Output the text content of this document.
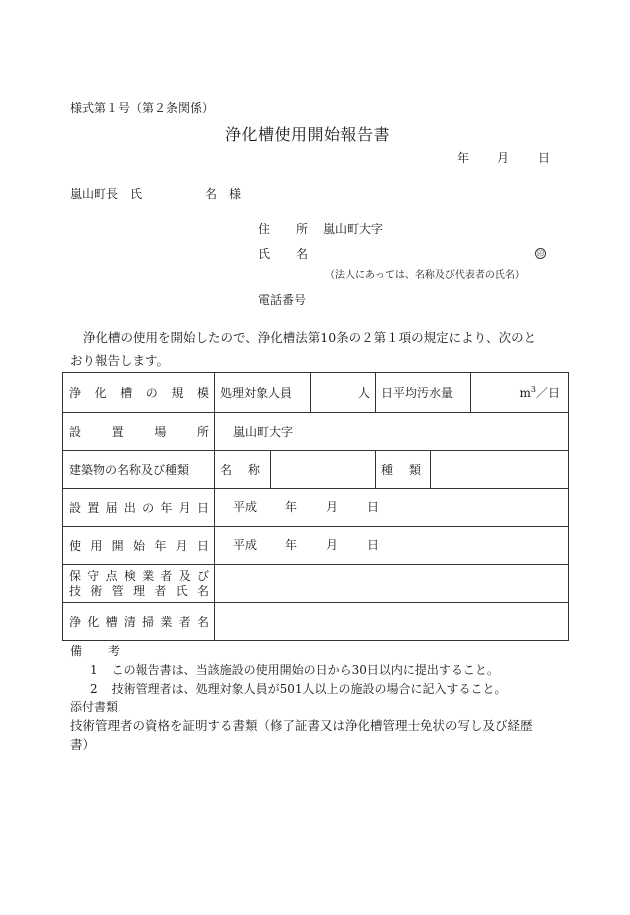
様式第１号（第２条関係）
浄化槽使用開始報告書
年 月 日
嵐山町長　氏	名 様
住 所 嵐山町大字
氏 名	印
（法人にあっては、名称及び代表者の氏名）
電話番号
浄化槽の使用を開始したので、浄化槽法第10条の２第１項の規定により、次のと
おり報告します。
浄 化 槽 の 規 模 処理対象人員	人 日平均汚水量	$m^3/$日
設	置	場	所 嵐山町大字
建築物の名称及び種類	名 称	種 類
設 置 届 出 の 年 月 日 平成 年 月 日
使 用 開 始 年 月 日 平成 年 月 日
保 守 点 検 業 者 及 び
技 術 管 理 者 氏 名
浄 化 槽 清 掃 業 者 名
備 考
1 この報告書は、当該施設の使用開始の日から30日以内に提出すること。
2 技術管理者は、処理対象人員が501人以上の施設の場合に記入すること。
添付書類
技術管理者の資格を証明する書類（修了証書又は浄化槽管理士免状の写し及び経歴
書）
